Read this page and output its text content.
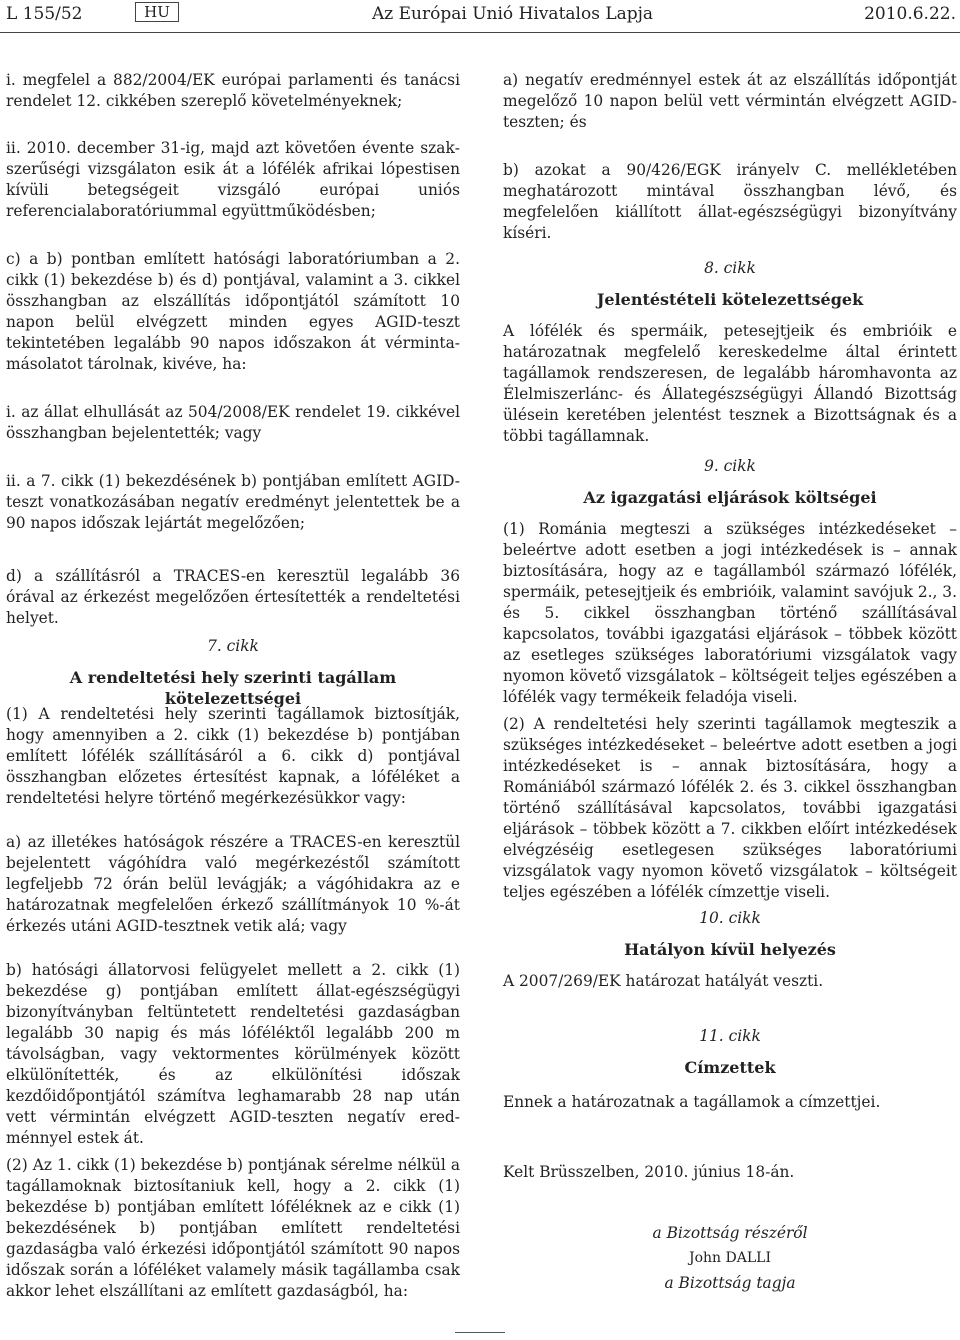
L 155/52	HU	Az Európai Unió Hivatalos Lapja	2010.6.22.
i. megfelel a 882/2004/EK európai parlamenti és tanácsi rendelet 12. cikkében szereplő követelményeknek;
ii. 2010. december 31-ig, majd azt követően évente szakszerűségi vizsgálaton esik át a lófélék afrikai lópestisen kívüli betegségeit vizsgáló európai uniós referencialaboratóriummal együttműködésben;
c) a b) pontban említett hatósági laboratóriumban a 2. cikk (1) bekezdése b) és d) pontjával, valamint a 3. cikkel összhangban az elszállítás időpontjától számított 10 napon belül elvégzett minden egyes AGID-teszt tekintetében legalább 90 napos időszakon át vérminta-másolatot tárolnak, kivéve, ha:
i. az állat elhullását az 504/2008/EK rendelet 19. cikkével összhangban bejelentették; vagy
ii. a 7. cikk (1) bekezdésének b) pontjában említett AGID-teszt vonatkozásában negatív eredményt jelentettek be a 90 napos időszak lejártát megelőzően;
d) a szállításról a TRACES-en keresztül legalább 36 órával az érkezést megelőzően értesítették a rendeltetési helyet.
7. cikk
A rendeltetési hely szerinti tagállam kötelezettségei
(1) A rendeltetési hely szerinti tagállamok biztosítják, hogy amennyiben a 2. cikk (1) bekezdése b) pontjában említett lófélék szállításáról a 6. cikk d) pontjával összhangban előzetes értesítést kapnak, a lóféléket a rendeltetési helyre történő megérkezésükkor vagy:
a) az illetékes hatóságok részére a TRACES-en keresztül bejelentett vágóhídra való megérkezéstől számított legfeljebb 72 órán belül levágják; a vágóhidakra az e határozatnak megfelelően érkező szállítmányok 10 %-át érkezés utáni AGID-tesztnek vetik alá; vagy
b) hatósági állatorvosi felügyelet mellett a 2. cikk (1) bekezdése g) pontjában említett állat-egészségügyi bizonyítványban feltüntetett rendeltetési gazdaságban legalább 30 napig és más lóféléktől legalább 200 m távolságban, vagy vektormentes körülmények között elkülönítették, és az elkülönítési időszak kezdőidőpontjától számítva leghamarabb 28 nap után vett vérmintán elvégzett AGID-teszten negatív eredménnyel estek át.
(2) Az 1. cikk (1) bekezdése b) pontjának sérelme nélkül a tagállamoknak biztosítaniuk kell, hogy a 2. cikk (1) bekezdése b) pontjában említett lóféléknek az e cikk (1) bekezdésének b) pontjában említett rendeltetési gazdaságba való érkezési időpontjától számított 90 napos időszak során a lóféléket valamely másik tagállamba csak akkor lehet elszállítani az említett gazdaságból, ha:
a) negatív eredménnyel estek át az elszállítás időpontját megelőző 10 napon belül vett vérmintán elvégzett AGID-teszten; és
b) azokat a 90/426/EGK irányelv C. mellékletében meghatározott mintával összhangban lévő, és megfelelően kiállított állat-egészségügyi bizonyítvány kíséri.
8. cikk
Jelentéstételi kötelezettségek
A lófélék és spermáik, petesejtjeik és embrióik e határozatnak megfelelő kereskedelme által érintett tagállamok rendszeresen, de legalább háromhavonta az Élelmiszerlánc- és Állategészségügyi Állandó Bizottság ülésein keretében jelentést tesznek a Bizottságnak és a többi tagállamnak.
9. cikk
Az igazgatási eljárások költségei
(1) Románia megteszi a szükséges intézkedéseket – beleértve adott esetben a jogi intézkedések is – annak biztosítására, hogy az e tagállamból származó lófélék, spermáik, petesejtjeik és embrióik, valamint savójuk 2., 3. és 5. cikkel összhangban történő szállításával kapcsolatos, további igazgatási eljárások – többek között az esetleges szükséges laboratóriumi vizsgálatok vagy nyomon követő vizsgálatok – költségeit teljes egészében a lófélék vagy termékeik feladója viseli.
(2) A rendeltetési hely szerinti tagállamok megteszik a szükséges intézkedéseket – beleértve adott esetben a jogi intézkedéseket is – annak biztosítására, hogy a Romániából származó lófélék 2. és 3. cikkel összhangban történő szállításával kapcsolatos, további igazgatási eljárások – többek között a 7. cikkben előírt intézkedések elvégzéséig esetlegesen szükséges laboratóriumi vizsgálatok vagy nyomon követő vizsgálatok – költségeit teljes egészében a lófélék címzettje viseli.
10. cikk
Hatályon kívül helyezés
A 2007/269/EK határozat hatályát veszti.
11. cikk
Címzettek
Ennek a határozatnak a tagállamok a címzettjei.
Kelt Brüsszelben, 2010. június 18-án.
a Bizottság részéről
John DALLI
a Bizottság tagja
